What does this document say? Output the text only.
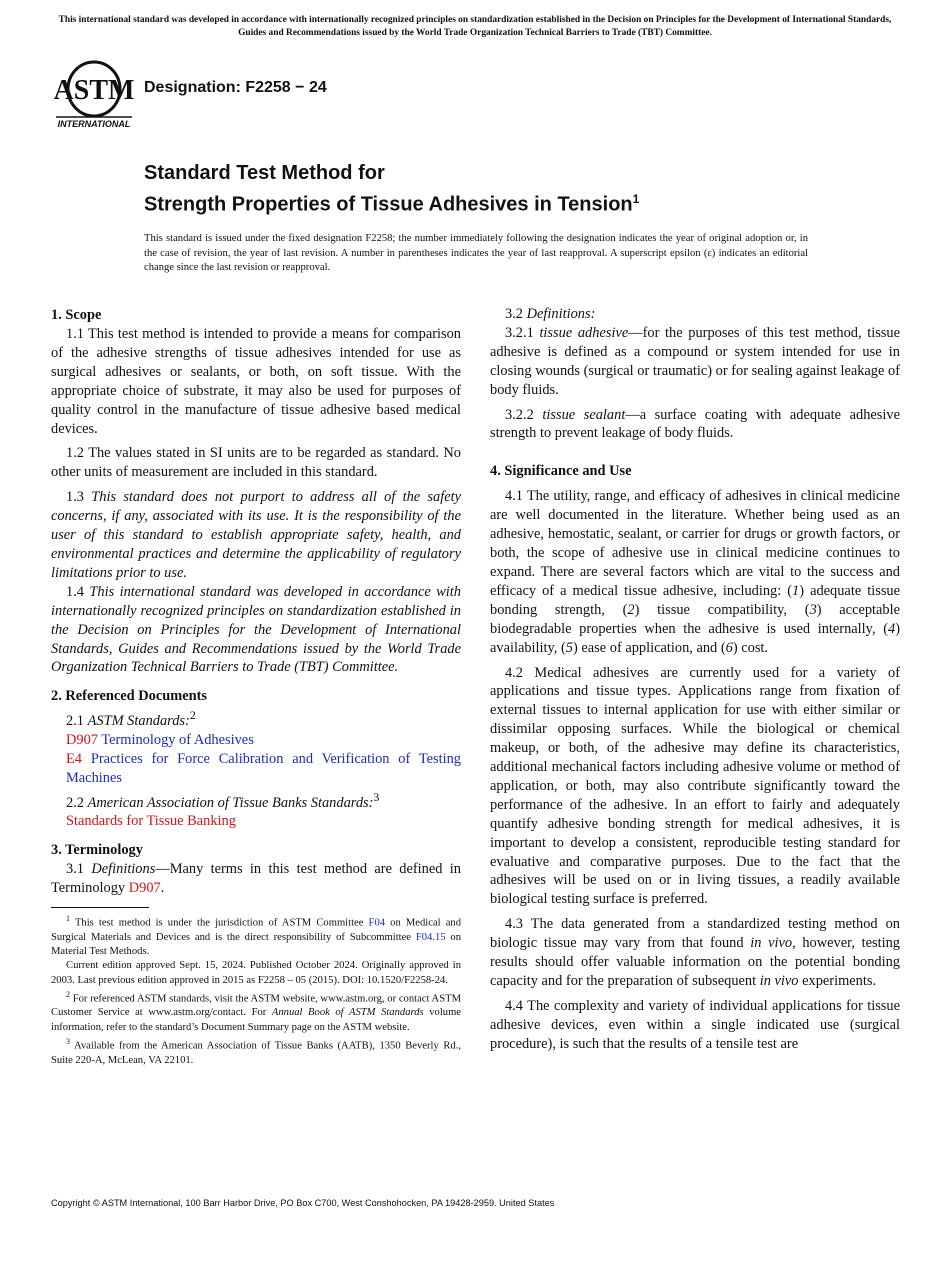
This international standard was developed in accordance with internationally recognized principles on standardization established in the Decision on Principles for the Development of International Standards, Guides and Recommendations issued by the World Trade Organization Technical Barriers to Trade (TBT) Committee.
ASTM
INTERNATIONAL
Designation: F2258 − 24
Standard Test Method for
Strength Properties of Tissue Adhesives in Tension$^1$
This standard is issued under the fixed designation F2258; the number immediately following the designation indicates the year of original adoption or, in the case of revision, the year of last revision. A number in parentheses indicates the year of last reapproval. A superscript epsilon (ε) indicates an editorial change since the last revision or reapproval.
1. Scope

1.1 This test method is intended to provide a means for comparison of the adhesive strengths of tissue adhesives intended for use as surgical adhesives or sealants, or both, on soft tissue. With the appropriate choice of substrate, it may also be used for purposes of quality control in the manufacture of tissue adhesive based medical devices.

1.2 The values stated in SI units are to be regarded as standard. No other units of measurement are included in this standard.

1.3 This standard does not purport to address all of the safety concerns, if any, associated with its use. It is the responsibility of the user of this standard to establish appropriate safety, health, and environmental practices and determine the applicability of regulatory limitations prior to use.

1.4 This international standard was developed in accordance with internationally recognized principles on standardization established in the Decision on Principles for the Development of International Standards, Guides and Recommendations issued by the World Trade Organization Technical Barriers to Trade (TBT) Committee.

2. Referenced Documents

2.1 ASTM Standards:$^2$

D907 Terminology of Adhesives

E4 Practices for Force Calibration and Verification of Testing Machines

2.2 American Association of Tissue Banks Standards:$^3$

Standards for Tissue Banking

3. Terminology

3.1 Definitions—Many terms in this test method are defined in Terminology D907.

$^1$ This test method is under the jurisdiction of ASTM Committee F04 on Medical and Surgical Materials and Devices and is the direct responsibility of Subcommittee F04.15 on Material Test Methods.

Current edition approved Sept. 15, 2024. Published October 2024. Originally approved in 2003. Last previous edition approved in 2015 as F2258 – 05 (2015). DOI: 10.1520/F2258-24.

$^2$ For referenced ASTM standards, visit the ASTM website, www.astm.org, or contact ASTM Customer Service at www.astm.org/contact. For Annual Book of ASTM Standards volume information, refer to the standard’s Document Summary page on the ASTM website.

$^3$ Available from the American Association of Tissue Banks (AATB), 1350 Beverly Rd., Suite 220-A, McLean, VA 22101.

3.2 Definitions:

3.2.1 tissue adhesive—for the purposes of this test method, tissue adhesive is defined as a compound or system intended for use in closing wounds (surgical or traumatic) or for sealing against leakage of body fluids.

3.2.2 tissue sealant—a surface coating with adequate adhesive strength to prevent leakage of body fluids.

4. Significance and Use

4.1 The utility, range, and efficacy of adhesives in clinical medicine are well documented in the literature. Whether being used as an adhesive, hemostatic, sealant, or carrier for drugs or growth factors, or both, the scope of adhesive use in clinical medicine continues to expand. There are several factors which are vital to the success and efficacy of a medical tissue adhesive, including: (1) adequate tissue bonding strength, (2) tissue compatibility, (3) acceptable biodegradable properties when the adhesive is used internally, (4) availability, (5) ease of application, and (6) cost.

4.2 Medical adhesives are currently used for a variety of applications and tissue types. Applications range from fixation of external tissues to internal application for use with either similar or dissimilar opposing surfaces. While the biological or chemical makeup, or both, of the adhesive may define its characteristics, additional mechanical factors including adhesive volume or method of application, or both, may also contribute significantly toward the performance of the adhesive. In an effort to fairly and adequately quantify adhesive bonding strength for medical adhesives, it is important to develop a consistent, reproducible testing standard for evaluative and comparative purposes. Due to the fact that the adhesives will be used on or in living tissues, a readily available biological testing surface is preferred.

4.3 The data generated from a standardized testing method on biologic tissue may vary from that found in vivo, however, testing results should offer valuable information on the potential bonding capacity and for the preparation of subsequent in vivo experiments.

4.4 The complexity and variety of individual applications for tissue adhesive devices, even within a single indicated use (surgical procedure), is such that the results of a tensile test are

Copyright © ASTM International, 100 Barr Harbor Drive, PO Box C700, West Conshohocken, PA 19428-2959. United States
